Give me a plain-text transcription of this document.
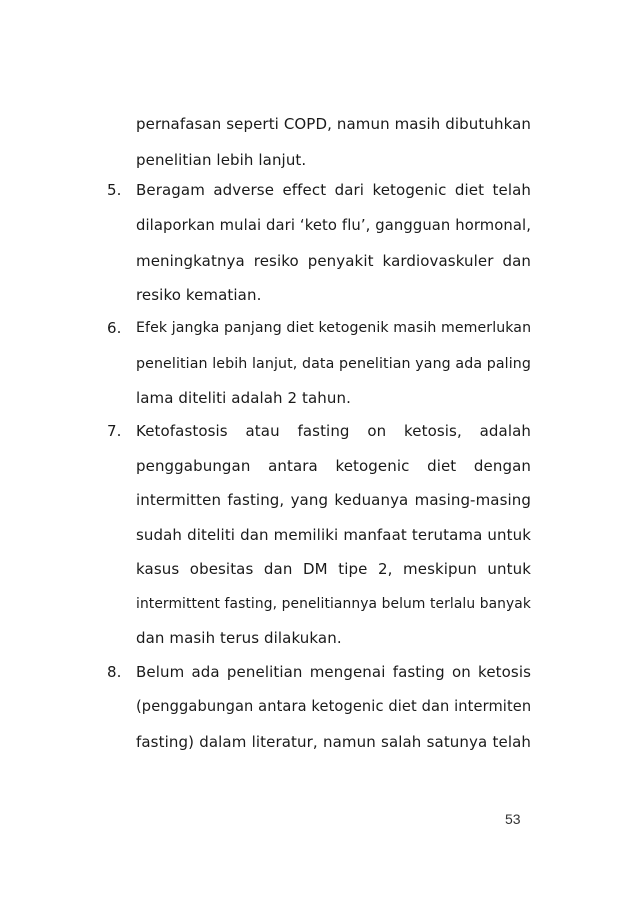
pernafasan seperti COPD, namun masih dibutuhkan
penelitian lebih lanjut.
5. Beragam adverse effect dari ketogenic diet telah
dilaporkan mulai dari ‘keto flu’, gangguan hormonal,
meningkatnya resiko penyakit kardiovaskuler dan
resiko kematian.
6.	Efek jangka panjang diet ketogenik masih memerlukan
penelitian lebih lanjut, data penelitian yang ada paling
lama diteliti adalah 2 tahun.
7. Ketofastosis atau fasting on ketosis, adalah
penggabungan antara ketogenic diet dengan
intermitten fasting, yang keduanya masing-masing
sudah diteliti dan memiliki manfaat terutama untuk
kasus obesitas dan DM tipe 2, meskipun untuk
intermittent fasting, penelitiannya belum terlalu banyak
dan masih terus dilakukan.
8. Belum ada penelitian mengenai fasting on ketosis
(penggabungan antara ketogenic diet dan intermiten
fasting) dalam literatur, namun salah satunya telah
53
